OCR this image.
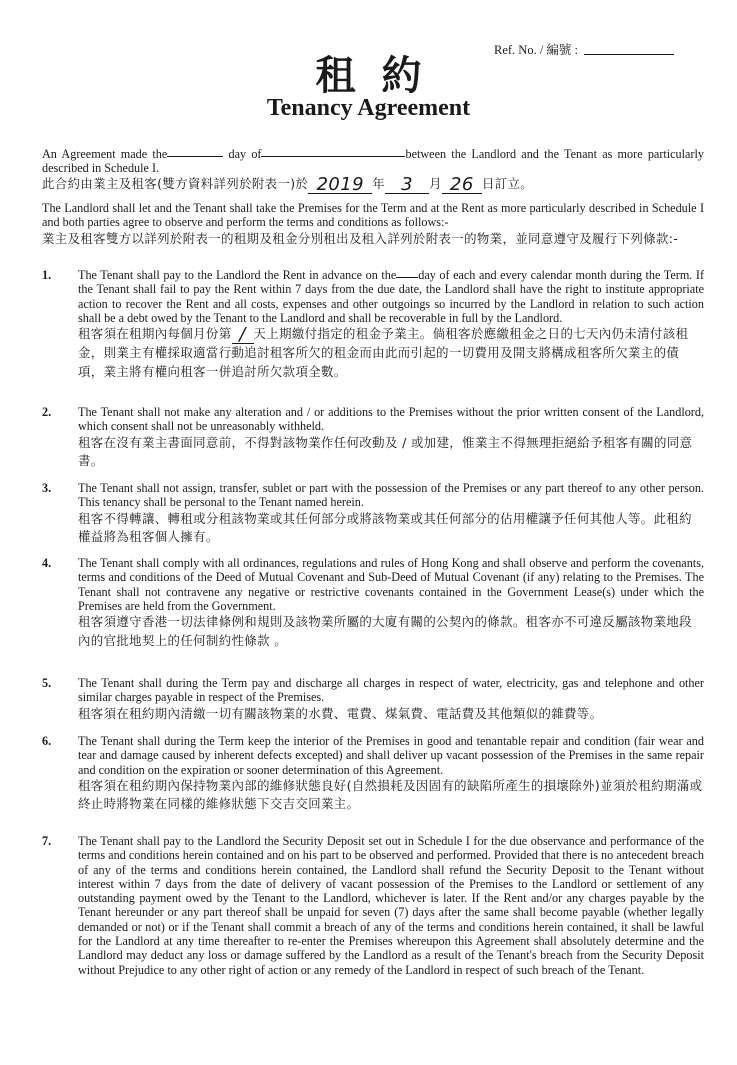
Ref. No. / 編號 :
租約
Tenancy Agreement
An Agreement made the	day of	between the Landlord and the Tenant as more particularly described in Schedule I.
此合約由業主及租客(雙方資料詳列於附表一)於 2019 年 3 月 26 日訂立。
The Landlord shall let and the Tenant shall take the Premises for the Term and at the Rent as more particularly described in Schedule I and both parties agree to observe and perform the terms and conditions as follows:-
業主及租客雙方以詳列於附表一的租期及租金分別租出及租入詳列於附表一的物業，並同意遵守及履行下列條款:-
1. The Tenant shall pay to the Landlord the Rent in advance on the day of each and every calendar month during the Term. If the Tenant shall fail to pay the Rent within 7 days from the due date, the Landlord shall have the right to institute appropriate action to recover the Rent and all costs, expenses and other outgoings so incurred by the Landlord in relation to such action shall be a debt owed by the Tenant to the Landlord and shall be recoverable in full by the Landlord.
租客須在租期內每個月份第 / 天上期繳付指定的租金予業主。倘租客於應繳租金之日的七天內仍未清付該租金，則業主有權採取適當行動追討租客所欠的租金而由此而引起的一切費用及開支將構成租客所欠業主的債項，業主將有權向租客一併追討所欠款項全數。
2. The Tenant shall not make any alteration and / or additions to the Premises without the prior written consent of the Landlord, which consent shall not be unreasonably withheld.
租客在沒有業主書面同意前，不得對該物業作任何改動及 / 或加建，惟業主不得無理拒絕給予租客有關的同意書。
3. The Tenant shall not assign, transfer, sublet or part with the possession of the Premises or any part thereof to any other person. This tenancy shall be personal to the Tenant named herein.
租客不得轉讓、轉租或分租該物業或其任何部分或將該物業或其任何部分的佔用權讓予任何其他人等。此租約權益將為租客個人擁有。
4. The Tenant shall comply with all ordinances, regulations and rules of Hong Kong and shall observe and perform the covenants, terms and conditions of the Deed of Mutual Covenant and Sub-Deed of Mutual Covenant (if any) relating to the Premises. The Tenant shall not contravene any negative or restrictive covenants contained in the Government Lease(s) under which the Premises are held from the Government.
租客須遵守香港一切法律條例和規則及該物業所屬的大廈有關的公契內的條款。租客亦不可違反屬該物業地段內的官批地契上的任何制約性條款 。
5. The Tenant shall during the Term pay and discharge all charges in respect of water, electricity, gas and telephone and other similar charges payable in respect of the Premises.
租客須在租約期內清繳一切有關該物業的水費、電費、煤氣費、電話費及其他類似的雜費等。
6. The Tenant shall during the Term keep the interior of the Premises in good and tenantable repair and condition (fair wear and tear and damage caused by inherent defects excepted) and shall deliver up vacant possession of the Premises in the same repair and condition on the expiration or sooner determination of this Agreement.
租客須在租約期內保持物業內部的維修狀態良好(自然損耗及因固有的缺陷所產生的損壞除外)並須於租約期滿或終止時將物業在同樣的維修狀態下交吉交回業主。
7. The Tenant shall pay to the Landlord the Security Deposit set out in Schedule I for the due observance and performance of the terms and conditions herein contained and on his part to be observed and performed. Provided that there is no antecedent breach of any of the terms and conditions herein contained, the Landlord shall refund the Security Deposit to the Tenant without interest within 7 days from the date of delivery of vacant possession of the Premises to the Landlord or settlement of any outstanding payment owed by the Tenant to the Landlord, whichever is later. If the Rent and/or any charges payable by the Tenant hereunder or any part thereof shall be unpaid for seven (7) days after the same shall become payable (whether legally demanded or not) or if the Tenant shall commit a breach of any of the terms and conditions herein contained, it shall be lawful for the Landlord at any time thereafter to re-enter the Premises whereupon this Agreement shall absolutely determine and the Landlord may deduct any loss or damage suffered by the Landlord as a result of the Tenant's breach from the Security Deposit without Prejudice to any other right of action or any remedy of the Landlord in respect of such breach of the Tenant.
